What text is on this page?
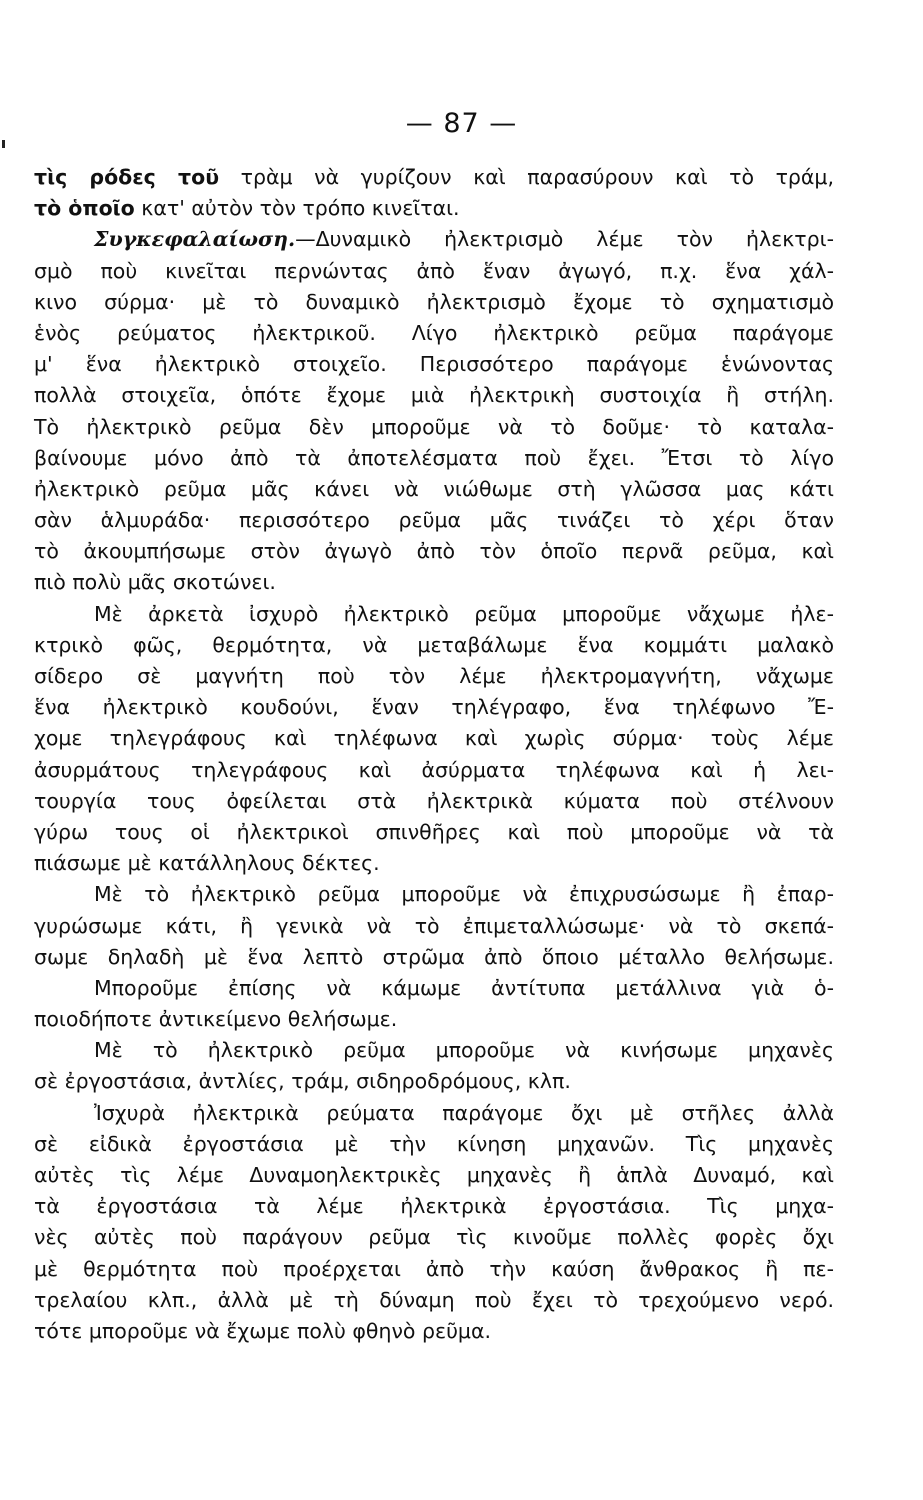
— 87 —
τὶς ρόδες τοῦ τρὰμ νὰ γυρίζουν καὶ παρασύρουν καὶ τὸ τράμ,
τὸ ὁποῖο κατ' αὐτὸν τὸν τρόπο κινεῖται.
Συγκεφαλαίωση.—Δυναμικὸ ἠλεκτρισμὸ λέμε τὸν ἠλεκτρι-
σμὸ ποὺ κινεῖται περνώντας ἀπὸ ἕναν ἀγωγό, π.χ. ἕνα χάλ-
κινο σύρμα· μὲ τὸ δυναμικὸ ἠλεκτρισμὸ ἔχομε τὸ σχηματισμὸ
ἑνὸς ρεύματος ἠλεκτρικοῦ. Λίγο ἠλεκτρικὸ ρεῦμα παράγομε
μ' ἕνα ἠλεκτρικὸ στοιχεῖο. Περισσότερο παράγομε ἑνώνοντας
πολλὰ στοιχεῖα, ὁπότε ἔχομε μιὰ ἠλεκτρικὴ συστοιχία ἢ στήλη.
Τὸ ἠλεκτρικὸ ρεῦμα δὲν μποροῦμε νὰ τὸ δοῦμε· τὸ καταλα-
βαίνουμε μόνο ἀπὸ τὰ ἀποτελέσματα ποὺ ἔχει. Ἔτσι τὸ λίγο
ἠλεκτρικὸ ρεῦμα μᾶς κάνει νὰ νιώθωμε στὴ γλῶσσα μας κάτι
σὰν ἁλμυράδα· περισσότερο ρεῦμα μᾶς τινάζει τὸ χέρι ὅταν
τὸ ἀκουμπήσωμε στὸν ἀγωγὸ ἀπὸ τὸν ὁποῖο περνᾶ ρεῦμα, καὶ
πιὸ πολὺ μᾶς σκοτώνει.
Μὲ ἀρκετὰ ἰσχυρὸ ἠλεκτρικὸ ρεῦμα μποροῦμε νἄχωμε ἠλε-
κτρικὸ φῶς, θερμότητα, νὰ μεταβάλωμε ἕνα κομμάτι μαλακὸ
σίδερο σὲ μαγνήτη ποὺ τὸν λέμε ἠλεκτρομαγνήτη, νἄχωμε
ἕνα ἠλεκτρικὸ κουδούνι, ἕναν τηλέγραφο, ἕνα τηλέφωνο Ἔ-
χομε τηλεγράφους καὶ τηλέφωνα καὶ χωρὶς σύρμα· τοὺς λέμε
ἀσυρμάτους τηλεγράφους καὶ ἀσύρματα τηλέφωνα καὶ ἡ λει-
τουργία τους ὀφείλεται στὰ ἠλεκτρικὰ κύματα ποὺ στέλνουν
γύρω τους οἱ ἠλεκτρικοὶ σπινθῆρες καὶ ποὺ μποροῦμε νὰ τὰ
πιάσωμε μὲ κατάλληλους δέκτες.
Μὲ τὸ ἠλεκτρικὸ ρεῦμα μποροῦμε νὰ ἐπιχρυσώσωμε ἢ ἐπαρ-
γυρώσωμε κάτι, ἢ γενικὰ νὰ τὸ ἐπιμεταλλώσωμε· νὰ τὸ σκεπά-
σωμε δηλαδὴ μὲ ἕνα λεπτὸ στρῶμα ἀπὸ ὅποιο μέταλλο θελήσωμε.
Μποροῦμε ἐπίσης νὰ κάμωμε ἀντίτυπα μετάλλινα γιὰ ὁ-
ποιοδήποτε ἀντικείμενο θελήσωμε.
Μὲ τὸ ἠλεκτρικὸ ρεῦμα μποροῦμε νὰ κινήσωμε μηχανὲς
σὲ ἐργοστάσια, ἀντλίες, τράμ, σιδηροδρόμους, κλπ.
Ἰσχυρὰ ἠλεκτρικὰ ρεύματα παράγομε ὄχι μὲ στῆλες ἀλλὰ
σὲ εἰδικὰ ἐργοστάσια μὲ τὴν κίνηση μηχανῶν. Τὶς μηχανὲς
αὐτὲς τὶς λέμε Δυναμοηλεκτρικὲς μηχανὲς ἢ ἁπλὰ Δυναμό, καὶ
τὰ ἐργοστάσια τὰ λέμε ἠλεκτρικὰ ἐργοστάσια. Τὶς μηχα-
νὲς αὐτὲς ποὺ παράγουν ρεῦμα τὶς κινοῦμε πολλὲς φορὲς ὄχι
μὲ θερμότητα ποὺ προέρχεται ἀπὸ τὴν καύση ἄνθρακος ἢ πε-
τρελαίου κλπ., ἀλλὰ μὲ τὴ δύναμη ποὺ ἔχει τὸ τρεχούμενο νερό.
τότε μποροῦμε νὰ ἔχωμε πολὺ φθηνὸ ρεῦμα.
